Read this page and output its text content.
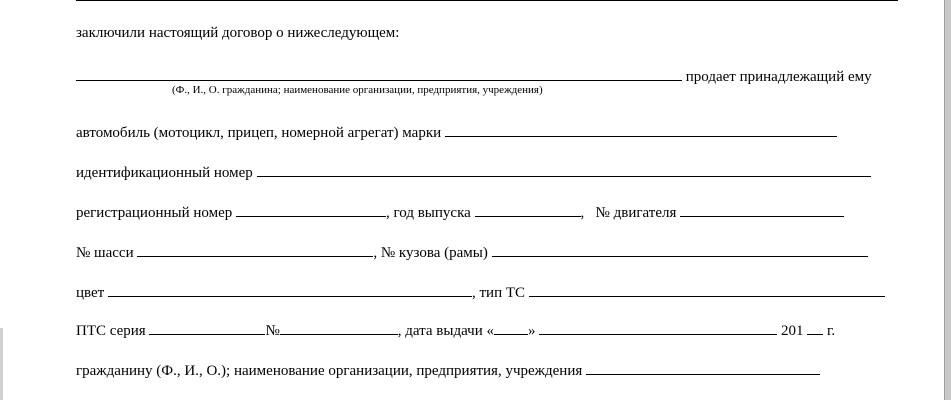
заключили настоящий договор о нижеследующем:
продает принадлежащий ему
(Ф., И., О. гражданина; наименование организации, предприятия, учреждения)
автомобиль (мотоцикл, прицеп, номерной агрегат) марки
идентификационный номер
регистрационный номер	, год выпуска	,   № двигателя
№ шасси	, № кузова (рамы)
цвет	, тип ТС
ПТС серия	№	, дата выдачи « »	201 г.
гражданину (Ф., И., О.); наименование организации, предприятия, учреждения
